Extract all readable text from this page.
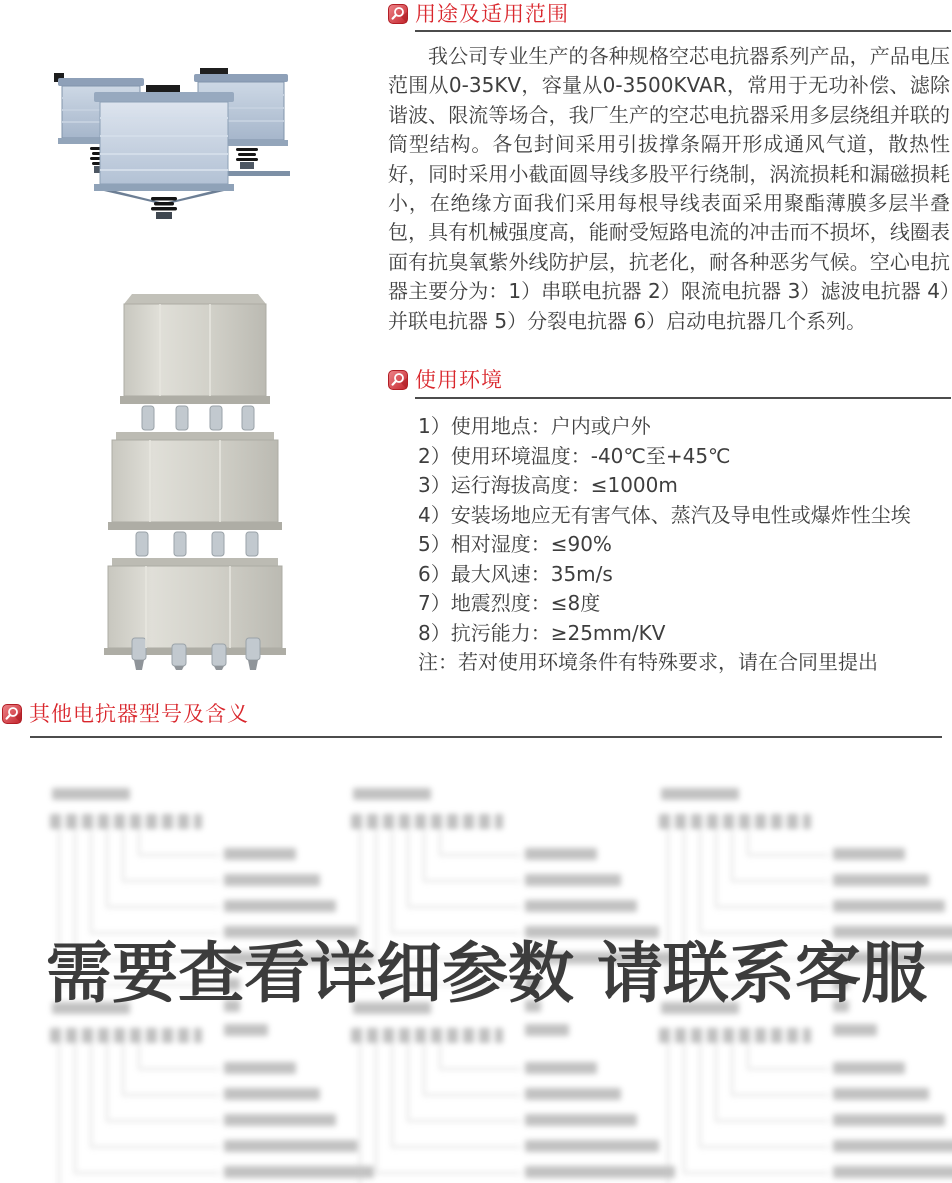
用途及适用范围

我公司专业生产的各种规格空芯电抗器系列产品，产品电压范围从0-35KV，容量从0-3500KVAR，常用于无功补偿、滤除谐波、限流等场合，我厂生产的空芯电抗器采用多层绕组并联的筒型结构。各包封间采用引拔撑条隔开形成通风气道，散热性好，同时采用小截面圆导线多股平行绕制，涡流损耗和漏磁损耗小，在绝缘方面我们采用每根导线表面采用聚酯薄膜多层半叠包，具有机械强度高，能耐受短路电流的冲击而不损坏，线圈表面有抗臭氧紫外线防护层，抗老化，耐各种恶劣气候。空心电抗器主要分为：1）串联电抗器 2）限流电抗器 3）滤波电抗器 4）并联电抗器 5）分裂电抗器 6）启动电抗器几个系列。

使用环境
1）使用地点：户内或户外
2）使用环境温度：-40℃至+45℃
3）运行海拔高度：≤1000m
4）安装场地应无有害气体、蒸汽及导电性或爆炸性尘埃
5）相对湿度：≤90%
6）最大风速：35m/s
7）地震烈度：≤8度
8）抗污能力：≥25mm/KV
注：若对使用环境条件有特殊要求，请在合同里提出
其他电抗器型号及含义
需要查看详细参数 请联系客服
